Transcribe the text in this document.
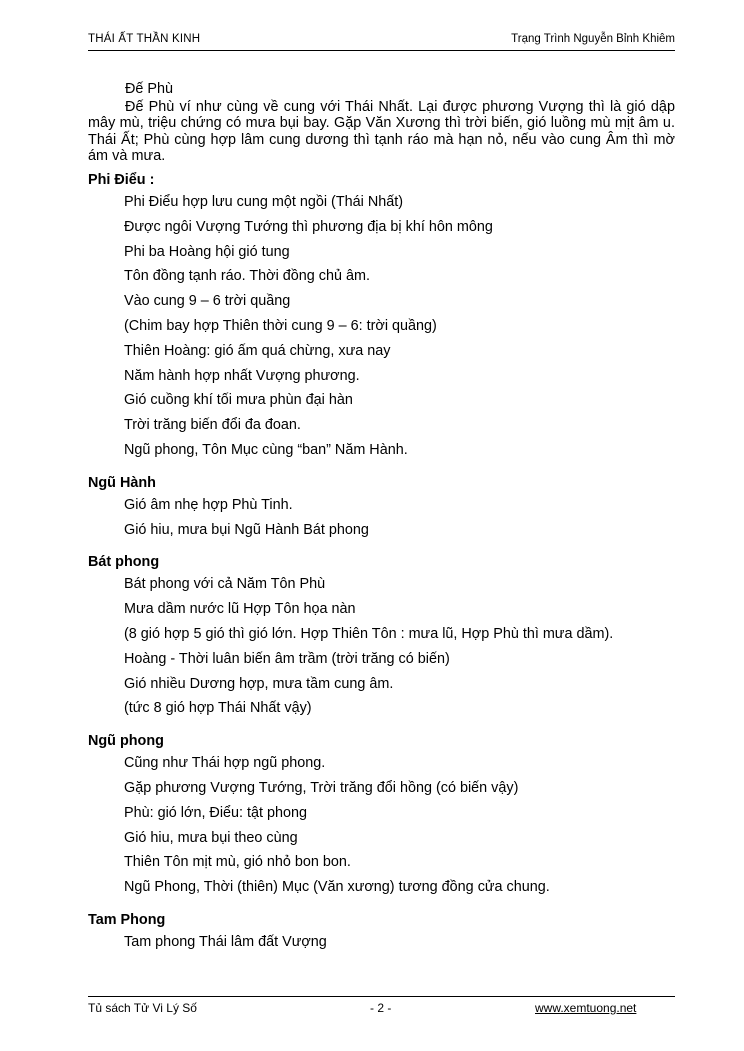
THÁI ẤT THẦN KINH	Trạng Trình Nguyễn Bỉnh Khiêm
Đế Phù

Đế Phù ví như cùng về cung với Thái Nhất. Lại được phương Vượng thì là gió dập mây mù, triệu chứng có mưa bụi bay. Gặp Văn Xương thì trời biến, gió luồng mù mịt âm u. Thái Ất; Phù cùng hợp lâm cung dương thì tạnh ráo mà hạn nỏ, nếu vào cung Âm thì mờ ám và mưa.

Phi Điểu :
Phi Điểu hợp lưu cung một ngồi (Thái Nhất)
Được ngôi Vượng Tướng thì phương địa bị khí hôn mông
Phi ba Hoàng hội gió tung
Tôn đồng tạnh ráo. Thời đồng chủ âm.
Vào cung 9 – 6 trời quầng
(Chim bay hợp Thiên thời cung 9 – 6: trời quầng)
Thiên Hoàng: gió ấm quá chừng, xưa nay
Năm hành hợp nhất Vượng phương.
Gió cuồng khí tối mưa phùn đại hàn
Trời trăng biến đổi đa đoan.
Ngũ phong, Tôn Mục cùng “ban” Năm Hành.
Ngũ Hành
Gió âm nhẹ hợp Phù Tinh.
Gió hiu, mưa bụi Ngũ Hành Bát phong
Bát phong
Bát phong với cả Năm Tôn Phù
Mưa dầm nước lũ Hợp Tôn họa nàn
(8 gió hợp 5 gió thì gió lớn. Hợp Thiên Tôn : mưa lũ, Hợp Phù thì mưa dầm).
Hoàng - Thời luân biến âm trầm (trời trăng có biến)
Gió nhiều Dương hợp, mưa tầm cung âm.
(tức 8 gió hợp Thái Nhất vậy)
Ngũ phong
Cũng như Thái hợp ngũ phong.
Gặp phương Vượng Tướng, Trời trăng đổi hồng (có biến vậy)
Phù: gió lớn, Điểu: tật phong
Gió hiu, mưa bụi theo cùng
Thiên Tôn mịt mù, gió nhỏ bon bon.
Ngũ Phong, Thời (thiên) Mục (Văn xương) tương đồng cửa chung.
Tam Phong
Tam phong Thái lâm đất Vượng
Tủ sách Tử Vi Lý Số	- 2 -	www.xemtuong.net
